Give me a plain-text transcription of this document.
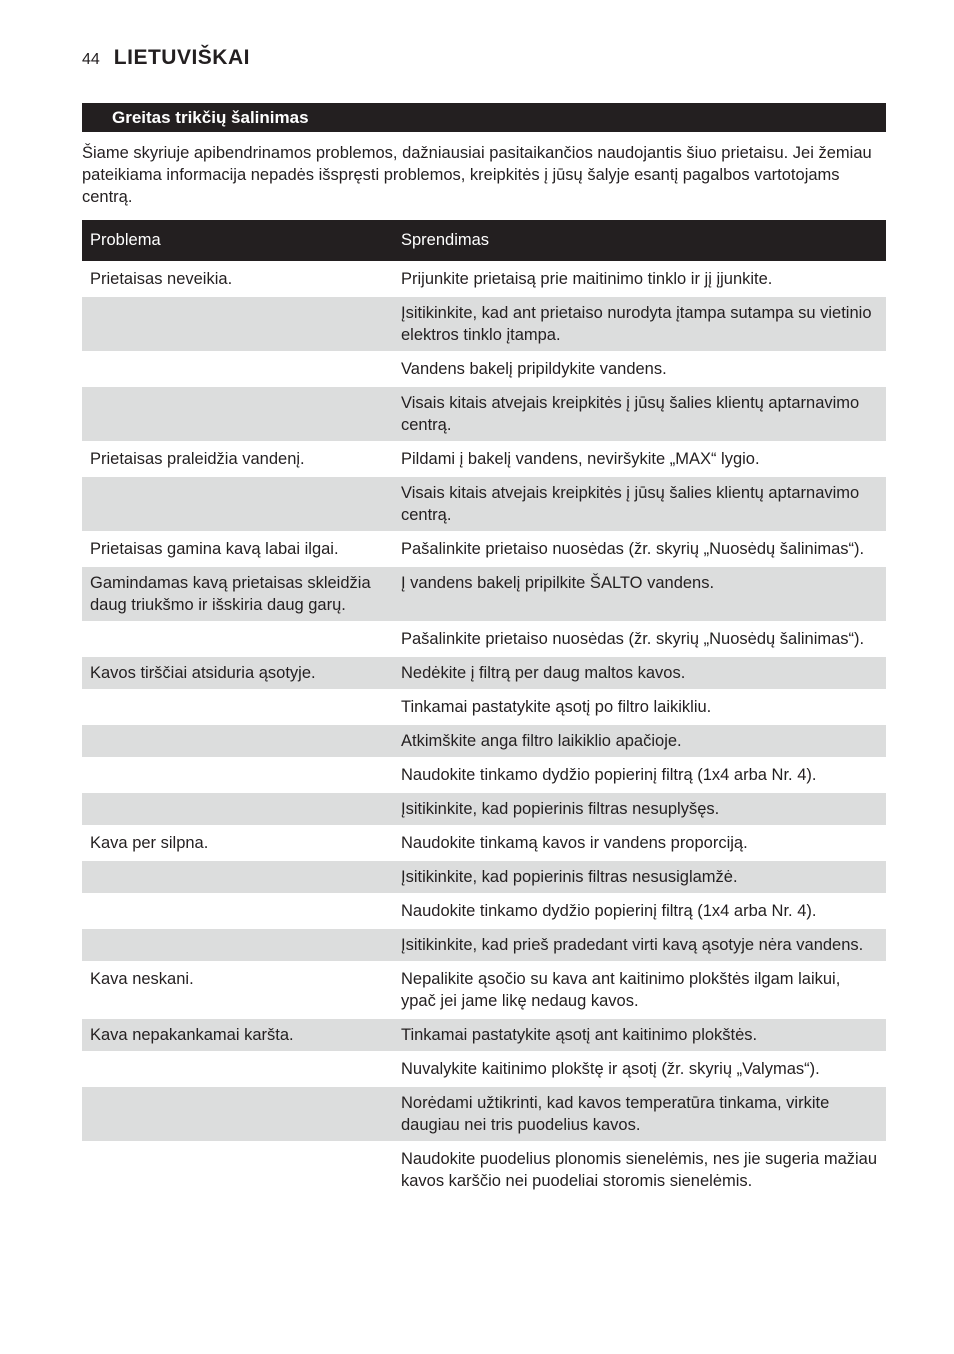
44 LIETUVIŠKAI
Greitas trikčių šalinimas

Šiame skyriuje apibendrinamos problemos, dažniausiai pasitaikančios naudojantis šiuo prietaisu. Jei žemiau pateikiama informacija nepadės išspręsti problemos, kreipkitės į jūsų šalyje esantį pagalbos vartotojams centrą.

Problema	Sprendimas
Prietaisas neveikia.	Prijunkite prietaisą prie maitinimo tinklo ir jį įjunkite.
	Įsitikinkite, kad ant prietaiso nurodyta įtampa sutampa su vietinio elektros tinklo įtampa.
	Vandens bakelį pripildykite vandens.
	Visais kitais atvejais kreipkitės į jūsų šalies klientų aptarnavimo centrą.
Prietaisas praleidžia vandenį.	Pildami į bakelį vandens, neviršykite „MAX“ lygio.
	Visais kitais atvejais kreipkitės į jūsų šalies klientų aptarnavimo centrą.
Prietaisas gamina kavą labai ilgai.	Pašalinkite prietaiso nuosėdas (žr. skyrių „Nuosėdų šalinimas“).
Gamindamas kavą prietaisas skleidžia daug triukšmo ir išskiria daug garų.	Į vandens bakelį pripilkite ŠALTO vandens.
	Pašalinkite prietaiso nuosėdas (žr. skyrių „Nuosėdų šalinimas“).
Kavos tirščiai atsiduria ąsotyje.	Nedėkite į filtrą per daug maltos kavos.
	Tinkamai pastatykite ąsotį po filtro laikikliu.
	Atkimškite anga filtro laikiklio apačioje.
	Naudokite tinkamo dydžio popierinį filtrą (1x4 arba Nr. 4).
	Įsitikinkite, kad popierinis filtras nesuplyšęs.
Kava per silpna.	Naudokite tinkamą kavos ir vandens proporciją.
	Įsitikinkite, kad popierinis filtras nesusiglamžė.
	Naudokite tinkamo dydžio popierinį filtrą (1x4 arba Nr. 4).
	Įsitikinkite, kad prieš pradedant virti kavą ąsotyje nėra vandens.
Kava neskani.	Nepalikite ąsočio su kava ant kaitinimo plokštės ilgam laikui, ypač jei jame likę nedaug kavos.
Kava nepakankamai karšta.	Tinkamai pastatykite ąsotį ant kaitinimo plokštės.
	Nuvalykite kaitinimo plokštę ir ąsotį (žr. skyrių „Valymas“).
	Norėdami užtikrinti, kad kavos temperatūra tinkama, virkite daugiau nei tris puodelius kavos.
	Naudokite puodelius plonomis sienelėmis, nes jie sugeria mažiau kavos karščio nei puodeliai storomis sienelėmis.
